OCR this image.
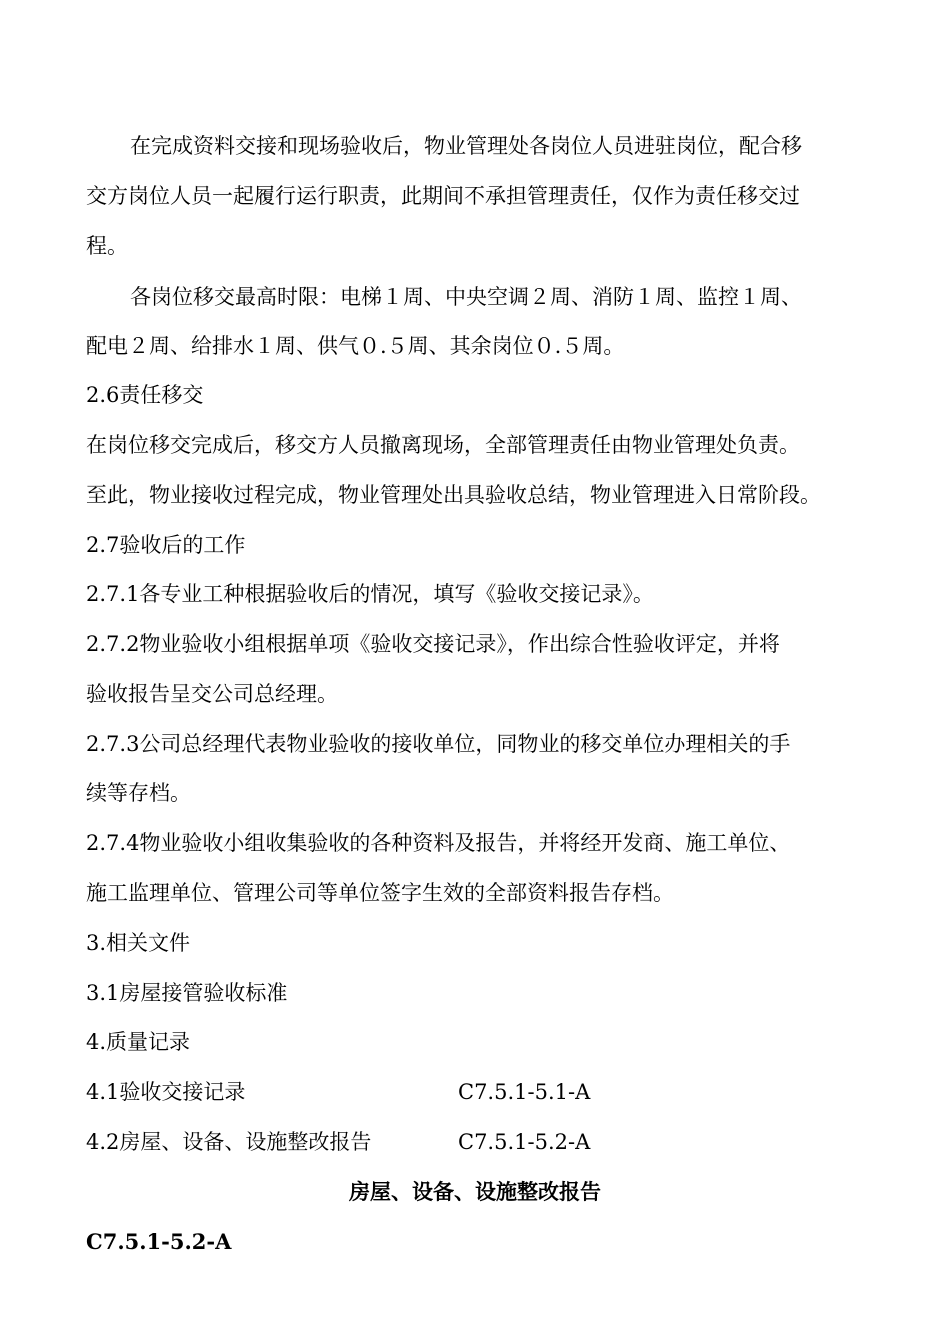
在完成资料交接和现场验收后，物业管理处各岗位人员进驻岗位，配合移
交方岗位人员一起履行运行职责，此期间不承担管理责任，仅作为责任移交过
程。
各岗位移交最高时限：电梯１周、中央空调２周、消防１周、监控１周、
配电２周、给排水１周、供气０.５周、其余岗位０.５周。
2.6责任移交
在岗位移交完成后，移交方人员撤离现场，全部管理责任由物业管理处负责。
至此，物业接收过程完成，物业管理处出具验收总结，物业管理进入日常阶段。
2.7验收后的工作
2.7.1各专业工种根据验收后的情况，填写《验收交接记录》。
2.7.2物业验收小组根据单项《验收交接记录》，作出综合性验收评定，并将
验收报告呈交公司总经理。
2.7.3公司总经理代表物业验收的接收单位，同物业的移交单位办理相关的手
续等存档。
2.7.4物业验收小组收集验收的各种资料及报告，并将经开发商、施工单位、
施工监理单位、管理公司等单位签字生效的全部资料报告存档。
3.相关文件
3.1房屋接管验收标准
4.质量记录
4.1验收交接记录	C7.5.1-5.1-A
4.2房屋、设备、设施整改报告	C7.5.1-5.2-A
房屋、设备、设施整改报告
C7.5.1-5.2-A
